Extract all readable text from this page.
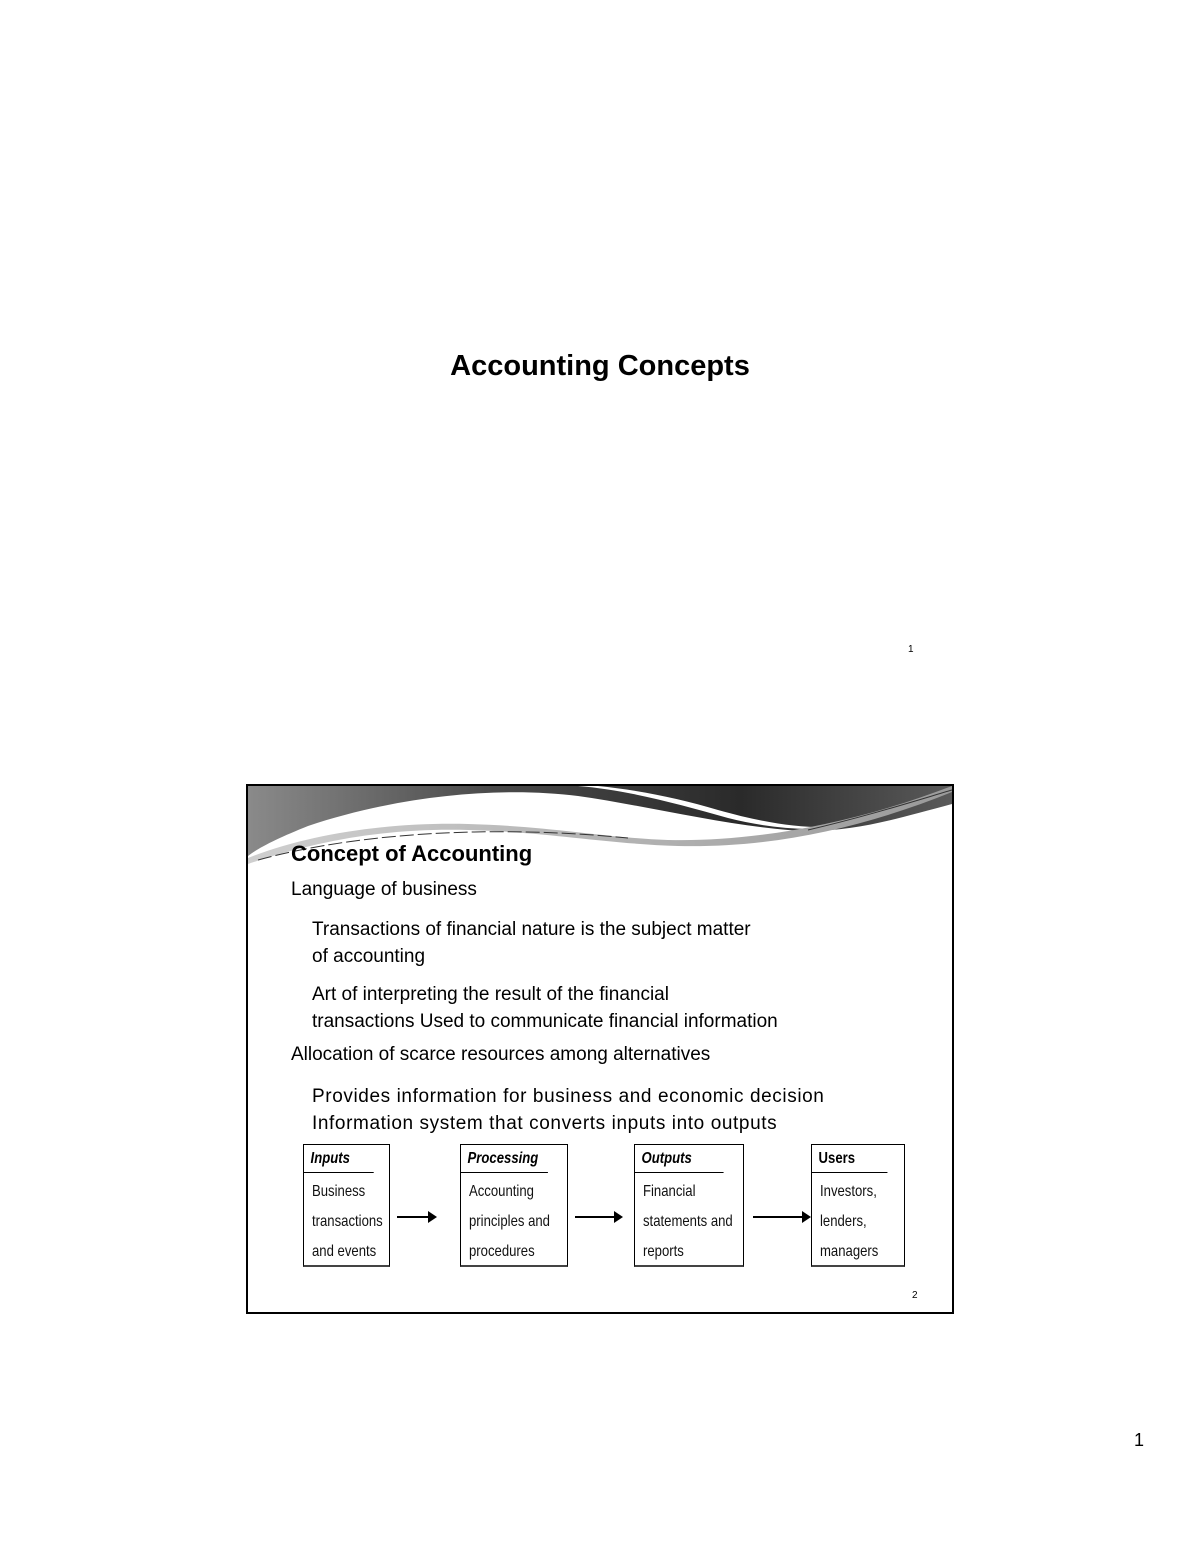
Accounting Concepts
1
Concept of Accounting
Language of business
Transactions of financial nature is the subject matter
of accounting
Art of interpreting the result of the financial
transactions Used to communicate financial information
Allocation of scarce resources among alternatives
Provides information for business and economic decision
Information system that converts inputs into outputs
Inputs
Business
transactions
and events
Processing
Accounting
principles and
procedures
Outputs
Financial
statements and
reports
Users
Investors,
lenders,
managers
2
1
